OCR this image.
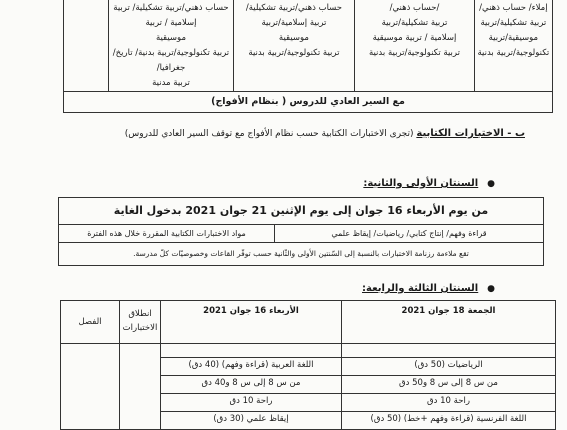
إملاء/ حساب ذهني/
تربية تشكيلية/تربية
موسيقية/تربية
تكنولوجية/تربية بدنية

/حساب ذهني/
تربية تشكيلية/تربية
إسلامية / تربية موسيقية
تربية تكنولوجية/تربية بدنية

حساب ذهني/تربية تشكيلية/
تربية إسلامية/تربية
موسيقية
تربية تكنولوجية/تربية بدنية

حساب ذهني/تربية تشكيلية/ تربية إسلامية / تربية
موسيقية
تربية تكنولوجية/تربية بدنية/ تاريخ/جغرافيا/
تربية مدنية

مع السير العادي للدروس ( بنظام الأفواج)
ب - الاختبارات الكتابية (تجرى الاختبارات الكتابية حسب نظام الأفواج مع توقف السير العادي للدروس)
●   السنتان الأولى والثانية:
من يوم الأربعاء 16 جوان إلى يوم الإثنين 21 جوان 2021 بدخول الغاية
مواد الاختبارات الكتابية المقررة خلال هذه الفترة	قراءة وفهم/ إنتاج كتابي/ رياضيات/ إيقاظ علمي
تقع ملاءمة رزنامة الاختبارات بالنسبة إلى السّنتين الأولى والثّانية حسب توفّر القاعات وخصوصيّات كلّ مدرسة.
●   السنتان الثالثة والرابعة:
الفصل	انطلاق الاختبارات	الأربعاء 16 جوان 2021	الجمعة 18 جوان 2021

		اللغة العربية (قراءة وفهم) (40 دق)	الرياضيات (50 دق)
		من س 8 إلى س 8 و40 دق	من س 8 إلى س 8 و50 دق
		راحة 10 دق	راحة 10 دق
		إيقاظ علمي (30 دق)	اللغة الفرنسية (قراءة وفهم +خط) (50 دق)
